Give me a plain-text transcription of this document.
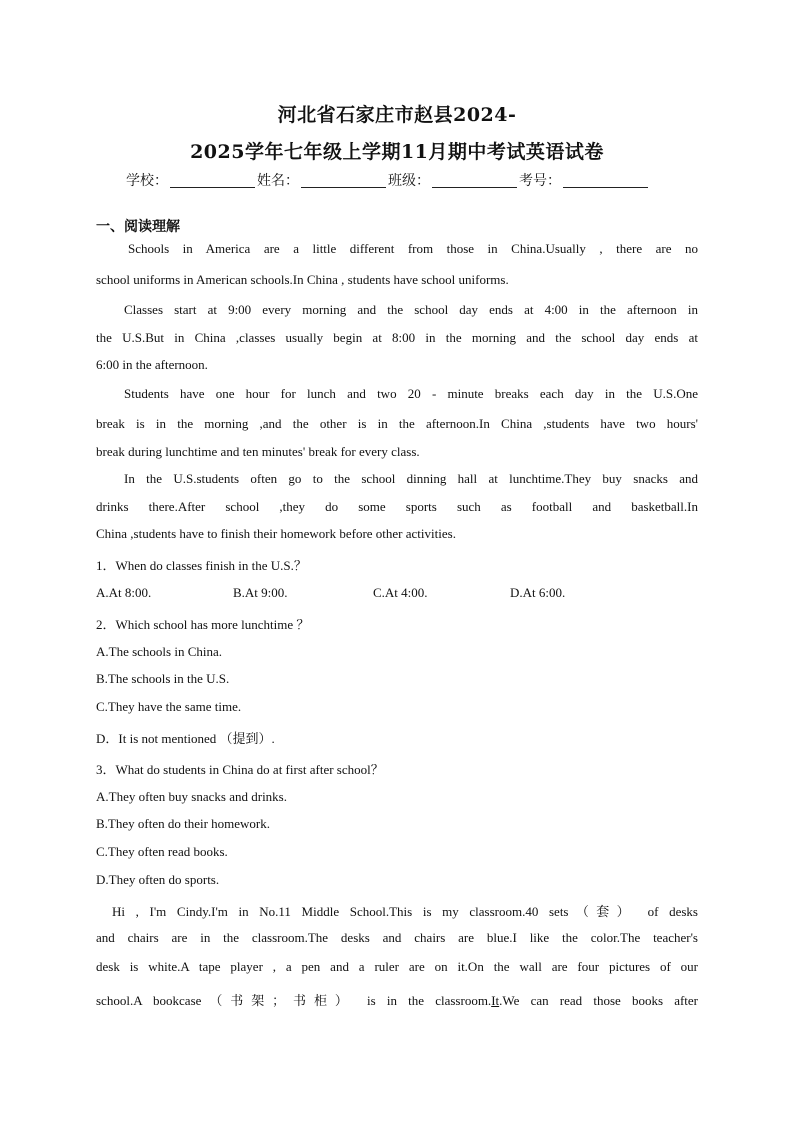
河北省石家庄市赵县2024-
2025学年七年级上学期11月期中考试英语试卷
学校：	姓名：	班级：	考号：
一、阅读理解
Schools in America are a little different from those in China.Usually , there are no
school uniforms in American schools.In China , students have school uniforms.
Classes start at 9:00 every morning and the school day ends at 4:00 in the afternoon in
the U.S.But in China ,classes usually begin at 8:00 in the morning and the school day ends at
6:00 in the afternoon.
Students have one hour for lunch and two 20 - minute breaks each day in the U.S.One
break is in the morning ,and the other is in the afternoon.In China ,students have two hours'
break during lunchtime and ten minutes' break for every class.
In the U.S.students often go to the school dinning hall at lunchtime.They buy snacks and
drinks there.After school ,they do some sports such as football and basketball.In
China ,students have to finish their homework before other activities.
1．When do classes finish in the U.S.？
A.At 8:00.	B.At 9:00.	C.At 4:00.	D.At 6:00.
2．Which school has more lunchtime ？
A.The schools in China.
B.The schools in the U.S.
C.They have the same time.
D．It is not mentioned （提到）.
3．What do students in China do at first after school？
A.They often buy snacks and drinks.
B.They often do their homework.
C.They often read books.
D.They often do sports.
Hi , I'm Cindy.I'm in No.11 Middle School.This is my classroom.40 sets（套） of desks
and chairs are in the classroom.The desks and chairs are blue.I like the color.The teacher's
desk is white.A tape player , a pen and a ruler are on it.On the wall are four pictures of our
school.A bookcase（书架；书柜） is in the classroom.It.We can read those books after
